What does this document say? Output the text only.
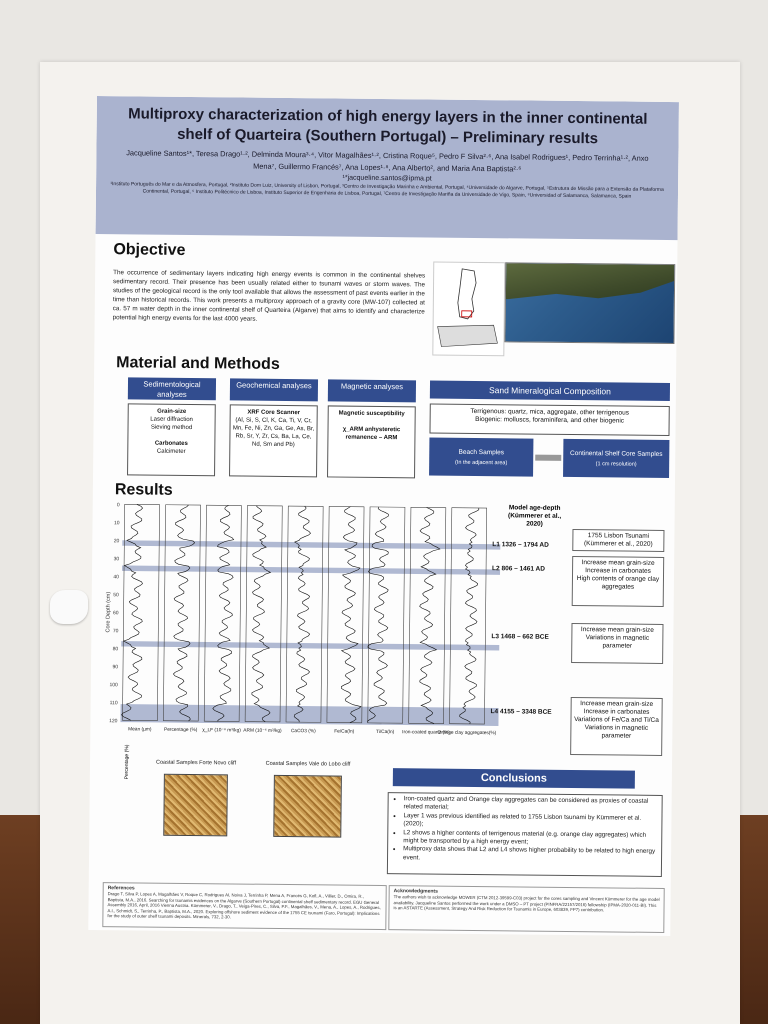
Multiproxy characterization of high energy layers in the inner continental shelf of Quarteira (Southern Portugal) – Preliminary results
Jacqueline Santos¹*, Teresa Drago¹·², Delminda Moura³·⁴, Vitor Magalhães¹·², Cristina Roque⁵, Pedro F Silva²·⁶, Ana Isabel Rodrigues¹, Pedro Terrinha¹·², Anxo Mena⁷, Guillermo Francés⁷, Ana Lopes¹·⁸, Ana Alberto², and Maria Ana Baptista²·⁶
¹*jacqueline.santos@ipma.pt
¹Instituto Português do Mar e da Atmosfera, Portugal, ²Instituto Dom Luiz, University of Lisbon, Portugal, ³Centro de Investigação Marinha e Ambiental, Portugal, ⁴Universidade do Algarve, Portugal, ⁵Estrutura de Missão para a Extensão da Plataforma Continental, Portugal, ⁶ Instituto Politécnico de Lisboa, Instituto Superior de Engenharia de Lisboa, Portugal, ⁷Centro de Investigação Mariña da Universidade de Vigo, Spain, ⁸Universidad of Salamanca, Salamanca, Spain
Objective
The occurrence of sedimentary layers indicating high energy events is common in the continental shelves sedimentary record. Their presence has been usually related either to tsunami waves or storm waves. The studies of the geological record is the only tool available that allows the assessment of past events earlier in the time than historical records. This work presents a multiproxy approach of a gravity core (MW-107) collected at ca. 57 m water depth in the inner continental shelf of Quarteira (Algarve) that aims to identify and characterize potential high energy events for the last 4000 years.
Material and Methods
Sedimentological analyses
Grain-size
Laser diffraction
Sieving method

Carbonates
Calcimeter
Geochemical analyses
XRF Core Scanner
(Al, Si, S, Cl, K, Ca, Ti, V, Cr, Mn, Fe, Ni, Zn, Ga, Ge, As, Br, Rb, Sr, Y, Zr, Cs, Ba, La, Ce, Nd, Sm and Pb)
Magnetic analyses
Magnetic susceptibility

χ_ARM anhysteretic remanence – ARM
Sand Mineralogical Composition
Terrigenous: quartz, mica, aggregate, other terrigenous
Biogenic: molluscs, foraminifera, and other biogenic
Beach Samples
(In the adjacent area)
Continental Shelf Core Samples
(1 cm resolution)
Results
0
10
20
30
40
50
60
70
80
90
100
110
120
Core Depth (cm)
Mean (µm)	Percentage (%) χ_LF (10⁻⁸ m³/kg) ARM (10⁻⁶ m³/kg) CaCO3 (%)	Fe/Ca(ln)	Ti/Ca(ln) Iron-coated quartz (%)
Orange clay aggregates(%)
Model age-depth (Kümmerer et al., 2020)
L1 1326 – 1794 AD
L2 806 – 1461 AD
L3 1468 – 662 BCE
L4 4155 – 3348 BCE
1755 Lisbon Tsunami (Kümmerer et al., 2020)
Increase mean grain-size
Increase in carbonates
High contents of orange clay aggregates
Increase mean grain-size
Variations in magnetic parameter
Increase mean grain-size
Increase in carbonates
Variations of Fe/Ca and Ti/Ca
Variations in magnetic parameter
Coastal Samples Forte Novo cliff	Coastal Samples Vale do Lobo cliff
Percentage (%)	Conclusions
• Iron-coated quartz and Orange clay aggregates can be considered as proxies of coastal related material;
• Layer 1 was previous identified as related to 1755 Lisbon tsunami by Kümmerer et al. (2020);
• L2 shows a higher contents of terrigenous material (e.g. orange clay aggregates) which might be transported by a high energy event;
• Multiproxy data shows that L2 and L4 shows higher probability to be related to high energy event.
References
Drago T, Silva P, Lopes A, Magalhães V, Roque C, Rodrigues AI, Noiva J, Terrinha P, Mena A, Francés G, Kofl, A., Villier, D., Omira, R., Baptista, M.A., 2016. Searching for tsunamis evidences on the Algarve (Southern Portugal) continental shelf sedimentary record. EGU General Assembly 2016, April, 2016 Vienna Austria. Kümmerer, V., Drago, T., Veiga-Pires, C., Silva, P.F., Magalhães, V., Mena, A., Lopes, A., Rodrigues, A.I., Schmidt, S., Terrinha, P., Baptista, M.A., 2020. Exploring offshore sediment evidence of the 1755 CE tsunami (Faro, Portugal): Implications for the study of outer shelf tsunami deposits. Minerals, 732, 2-30.
Acknowledgments
The authors wish to acknowledge MOWER (CTM 2012-39599-C03) project for the cores sampling and Vincent Kümmerer for the age model availability. Jacqueline Santos performed the work under a DMSO – PT project (PINFRA/22157/2016) fellowship (IPMA-2020-011-BI). This is an ASTARTE (Assessment, Strategy And Risk Reduction for Tsunamis in Europe, 603839, FP7) contribution.
